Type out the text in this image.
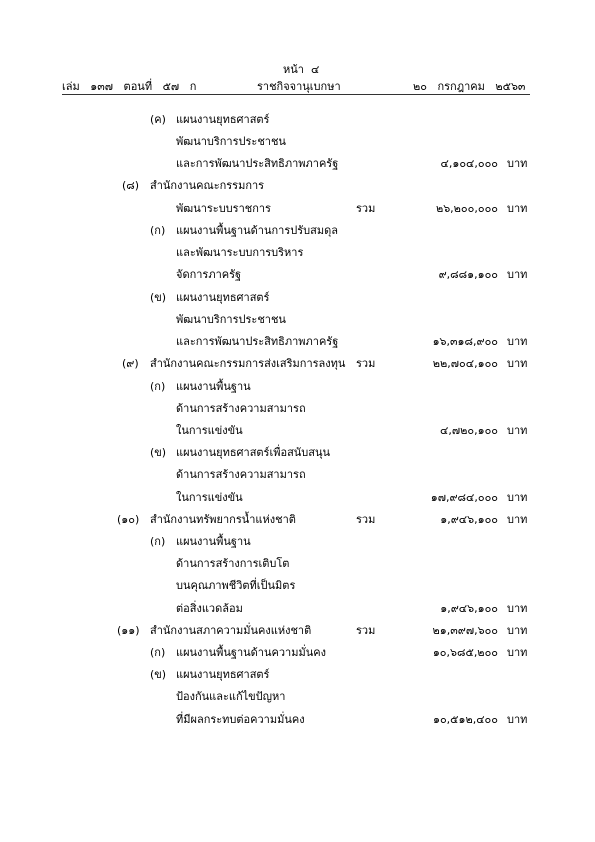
หน้า ๔
เล่ม ๑๓๗ ตอนที่ ๕๗ ก	ราชกิจจานุเบกษา	๒๐ กรกฎาคม ๒๕๖๓
(ค) แผนงานยุทธศาสตร์
พัฒนาบริการประชาชน
และการพัฒนาประสิทธิภาพภาครัฐ	๔,๑๐๔,๐๐๐ บาท
(๘) สำนักงานคณะกรรมการ
พัฒนาระบบราชการ	รวม	๒๖,๒๐๐,๐๐๐ บาท
(ก) แผนงานพื้นฐานด้านการปรับสมดุล
และพัฒนาระบบการบริหาร
จัดการภาครัฐ	๙,๘๘๑,๑๐๐ บาท
(ข) แผนงานยุทธศาสตร์
พัฒนาบริการประชาชน
และการพัฒนาประสิทธิภาพภาครัฐ	๑๖,๓๑๘,๙๐๐ บาท
(๙) สำนักงานคณะกรรมการส่งเสริมการลงทุน รวม	๒๒,๗๐๔,๑๐๐ บาท
(ก) แผนงานพื้นฐาน
ด้านการสร้างความสามารถ
ในการแข่งขัน	๔,๗๒๐,๑๐๐ บาท
(ข) แผนงานยุทธศาสตร์เพื่อสนับสนุน
ด้านการสร้างความสามารถ
ในการแข่งขัน	๑๗,๙๘๔,๐๐๐ บาท
(๑๐) สำนักงานทรัพยากรน้ำแห่งชาติ	รวม	๑,๙๔๖,๑๐๐ บาท
(ก) แผนงานพื้นฐาน
ด้านการสร้างการเติบโต
บนคุณภาพชีวิตที่เป็นมิตร
ต่อสิ่งแวดล้อม	๑,๙๔๖,๑๐๐ บาท
(๑๑) สำนักงานสภาความมั่นคงแห่งชาติ	รวม	๒๑,๓๙๗,๖๐๐ บาท
(ก) แผนงานพื้นฐานด้านความมั่นคง	๑๐,๖๘๕,๒๐๐ บาท
(ข) แผนงานยุทธศาสตร์
ป้องกันและแก้ไขปัญหา
ที่มีผลกระทบต่อความมั่นคง	๑๐,๕๑๒,๔๐๐ บาท
